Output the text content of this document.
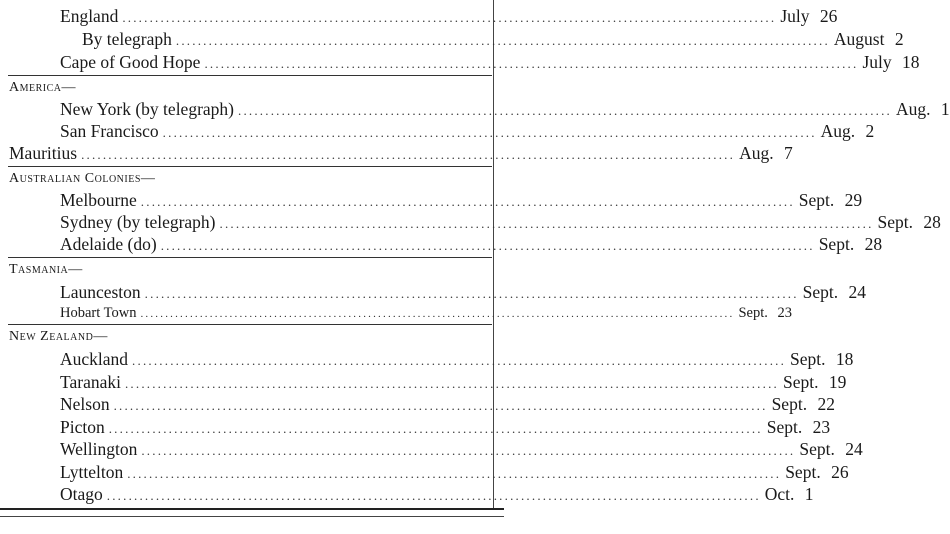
England ........................................................................................................................ July 26
By telegraph ........................................................................................................................ August 2
Cape of Good Hope ........................................................................................................................ July 18
America—
New York (by telegraph) ........................................................................................................................ Aug. 1
San Francisco ........................................................................................................................ Aug. 2
Mauritius ........................................................................................................................ Aug. 7
Australian Colonies—
Melbourne ........................................................................................................................ Sept. 29
Sydney (by telegraph) ........................................................................................................................ Sept. 28
Adelaide (do) ........................................................................................................................ Sept. 28
Tasmania—
Launceston ........................................................................................................................ Sept. 24
Hobart Town ........................................................................................................................ Sept. 23
New Zealand—
Auckland ........................................................................................................................ Sept. 18
Taranaki ........................................................................................................................ Sept. 19
Nelson ........................................................................................................................ Sept. 22
Picton ........................................................................................................................ Sept. 23
Wellington ........................................................................................................................ Sept. 24
Lyttelton ........................................................................................................................ Sept. 26
Otago ........................................................................................................................ Oct. 1
